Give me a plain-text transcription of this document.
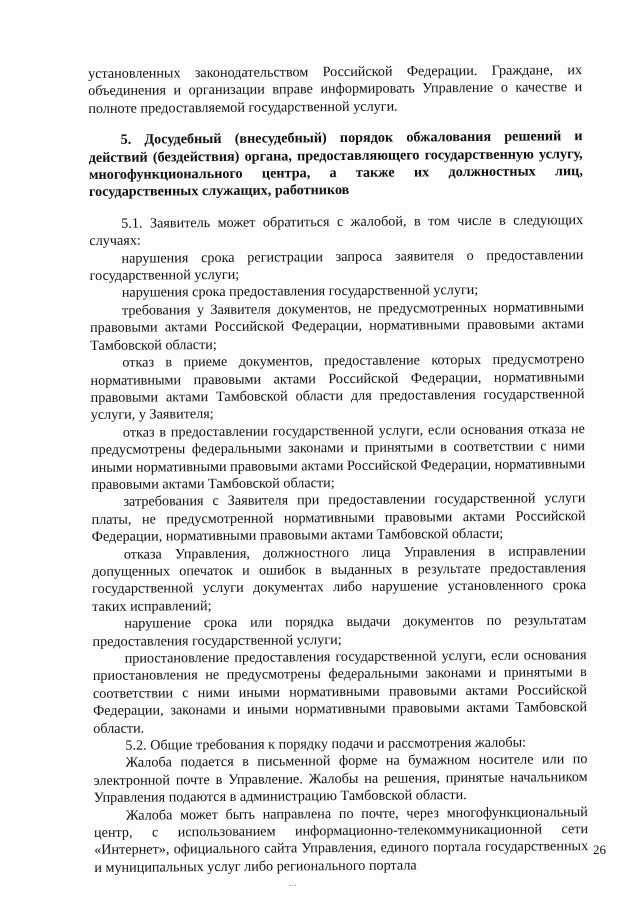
установленных законодательством Российской Федерации. Граждане, их объединения и организации вправе информировать Управление о качестве и полноте предоставляемой государственной услуги.

5. Досудебный (внесудебный) порядок обжалования решений и действий (бездействия) органа, предоставляющего государственную услугу, многофункционального центра, а также их должностных лиц, государственных служащих, работников

5.1. Заявитель может обратиться с жалобой, в том числе в следующих случаях:

нарушения срока регистрации запроса заявителя о предоставлении государственной услуги;

нарушения срока предоставления государственной услуги;

требования у Заявителя документов, не предусмотренных нормативными правовыми актами Российской Федерации, нормативными правовыми актами Тамбовской области;

отказ в приеме документов, предоставление которых предусмотрено нормативными правовыми актами Российской Федерации, нормативными правовыми актами Тамбовской области для предоставления государственной услуги, у Заявителя;

отказ в предоставлении государственной услуги, если основания отказа не предусмотрены федеральными законами и принятыми в соответствии с ними иными нормативными правовыми актами Российской Федерации, нормативными правовыми актами Тамбовской области;

затребования с Заявителя при предоставлении государственной услуги платы, не предусмотренной нормативными правовыми актами Российской Федерации, нормативными правовыми актами Тамбовской области;

отказа Управления, должностного лица Управления в исправлении допущенных опечаток и ошибок в выданных в результате предоставления государственной услуги документах либо нарушение установленного срока таких исправлений;

нарушение срока или порядка выдачи документов по результатам предоставления государственной услуги;

приостановление предоставления государственной услуги, если основания приостановления не предусмотрены федеральными законами и принятыми в соответствии с ними иными нормативными правовыми актами Российской Федерации, законами и иными нормативными правовыми актами Тамбовской области.

5.2. Общие требования к порядку подачи и рассмотрения жалобы:

Жалоба подается в письменной форме на бумажном носителе или по электронной почте в Управление. Жалобы на решения, принятые начальником Управления подаются в администрацию Тамбовской области.

Жалоба может быть направлена по почте, через многофункциональный центр, с использованием информационно-телекоммуникационной сети «Интернет», официального сайта Управления, единого портала государственных и муниципальных услуг либо регионального портала

26
...
